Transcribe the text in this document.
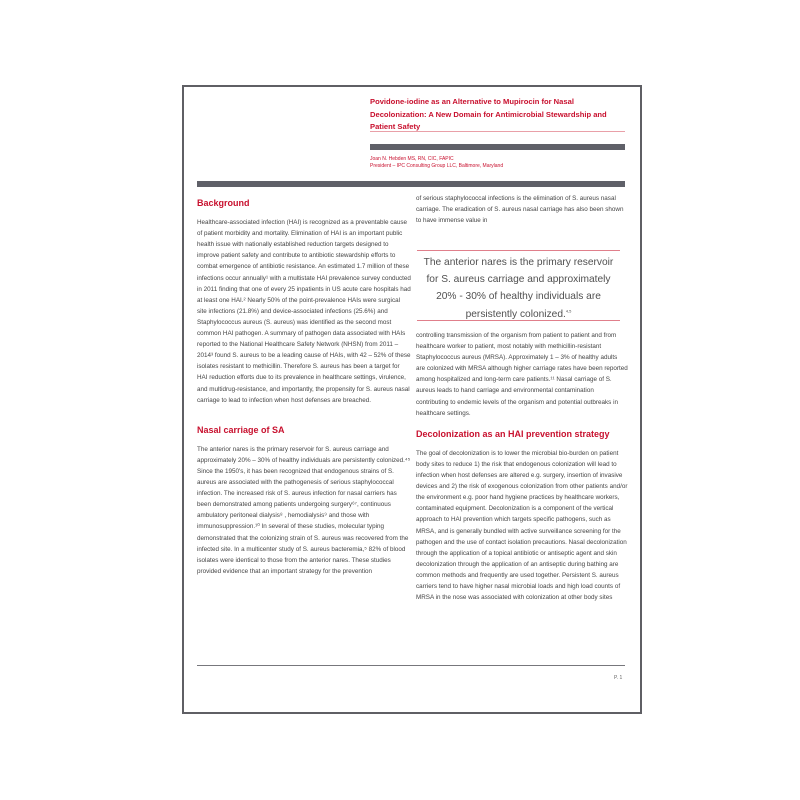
Povidone-iodine as an Alternative to Mupirocin for Nasal Decolonization: A New Domain for Antimicrobial Stewardship and Patient Safety
Joan N. Hebden MS, RN, CIC, FAPIC
President – IPC Consulting Group LLC, Baltimore, Maryland

Background

Healthcare-associated infection (HAI) is recognized as a preventable cause of patient morbidity and mortality. Elimination of HAI is an important public health issue with nationally established reduction targets designed to improve patient safety and contribute to antibiotic stewardship efforts to combat emergence of antibiotic resistance. An estimated 1.7 million of these infections occur annually¹ with a multistate HAI prevalence survey conducted in 2011 finding that one of every 25 inpatients in US acute care hospitals had at least one HAI.² Nearly 50% of the point-prevalence HAIs were surgical site infections (21.8%) and device-associated infections (25.6%) and Staphylococcus aureus (S. aureus) was identified as the second most common HAI pathogen. A summary of pathogen data associated with HAIs reported to the National Healthcare Safety Network (NHSN) from 2011 – 2014³ found S. aureus to be a leading cause of HAIs, with 42 – 52% of these isolates resistant to methicillin. Therefore S. aureus has been a target for HAI reduction efforts due to its prevalence in healthcare settings, virulence, and multidrug-resistance, and importantly, the propensity for S. aureus nasal carriage to lead to infection when host defenses are breached.

Nasal carriage of SA

The anterior nares is the primary reservoir for S. aureus carriage and approximately 20% – 30% of healthy individuals are persistently colonized.⁴⁵ Since the 1950's, it has been recognized that endogenous strains of S. aureus are associated with the pathogenesis of serious staphylococcal infection. The increased risk of S. aureus infection for nasal carriers has been demonstrated among patients undergoing surgery⁶⁷, continuous ambulatory peritoneal dialysis⁸ , hemodialysis⁹ and those with immunosuppression.¹⁰ In several of these studies, molecular typing demonstrated that the colonizing strain of S. aureus was recovered from the infected site. In a multicenter study of S. aureus bacteremia,⁵ 82% of blood isolates were identical to those from the anterior nares. These studies provided evidence that an important strategy for the prevention

of serious staphylococcal infections is the elimination of S. aureus nasal carriage. The eradication of S. aureus nasal carriage has also been shown to have immense value in

The anterior nares is the primary reservoir for S. aureus carriage and approximately 20% - 30% of healthy individuals are persistently colonized.$^{4,5}$

controlling transmission of the organism from patient to patient and from healthcare worker to patient, most notably with methicillin-resistant Staphylococcus aureus (MRSA). Approximately 1 – 3% of healthy adults are colonized with MRSA although higher carriage rates have been reported among hospitalized and long-term care patients.¹¹ Nasal carriage of S. aureus leads to hand carriage and environmental contamination contributing to endemic levels of the organism and potential outbreaks in healthcare settings.

Decolonization as an HAI prevention strategy

The goal of decolonization is to lower the microbial bio-burden on patient body sites to reduce 1) the risk that endogenous colonization will lead to infection when host defenses are altered e.g. surgery, insertion of invasive devices and 2) the risk of exogenous colonization from other patients and/or the environment e.g. poor hand hygiene practices by healthcare workers, contaminated equipment. Decolonization is a component of the vertical approach to HAI prevention which targets specific pathogens, such as MRSA, and is generally bundled with active surveillance screening for the pathogen and the use of contact isolation precautions. Nasal decolonization through the application of a topical antibiotic or antiseptic agent and skin decolonization through the application of an antiseptic during bathing are common methods and frequently are used together. Persistent S. aureus carriers tend to have higher nasal microbial loads and high load counts of MRSA in the nose was associated with colonization at other body sites

P. 1
